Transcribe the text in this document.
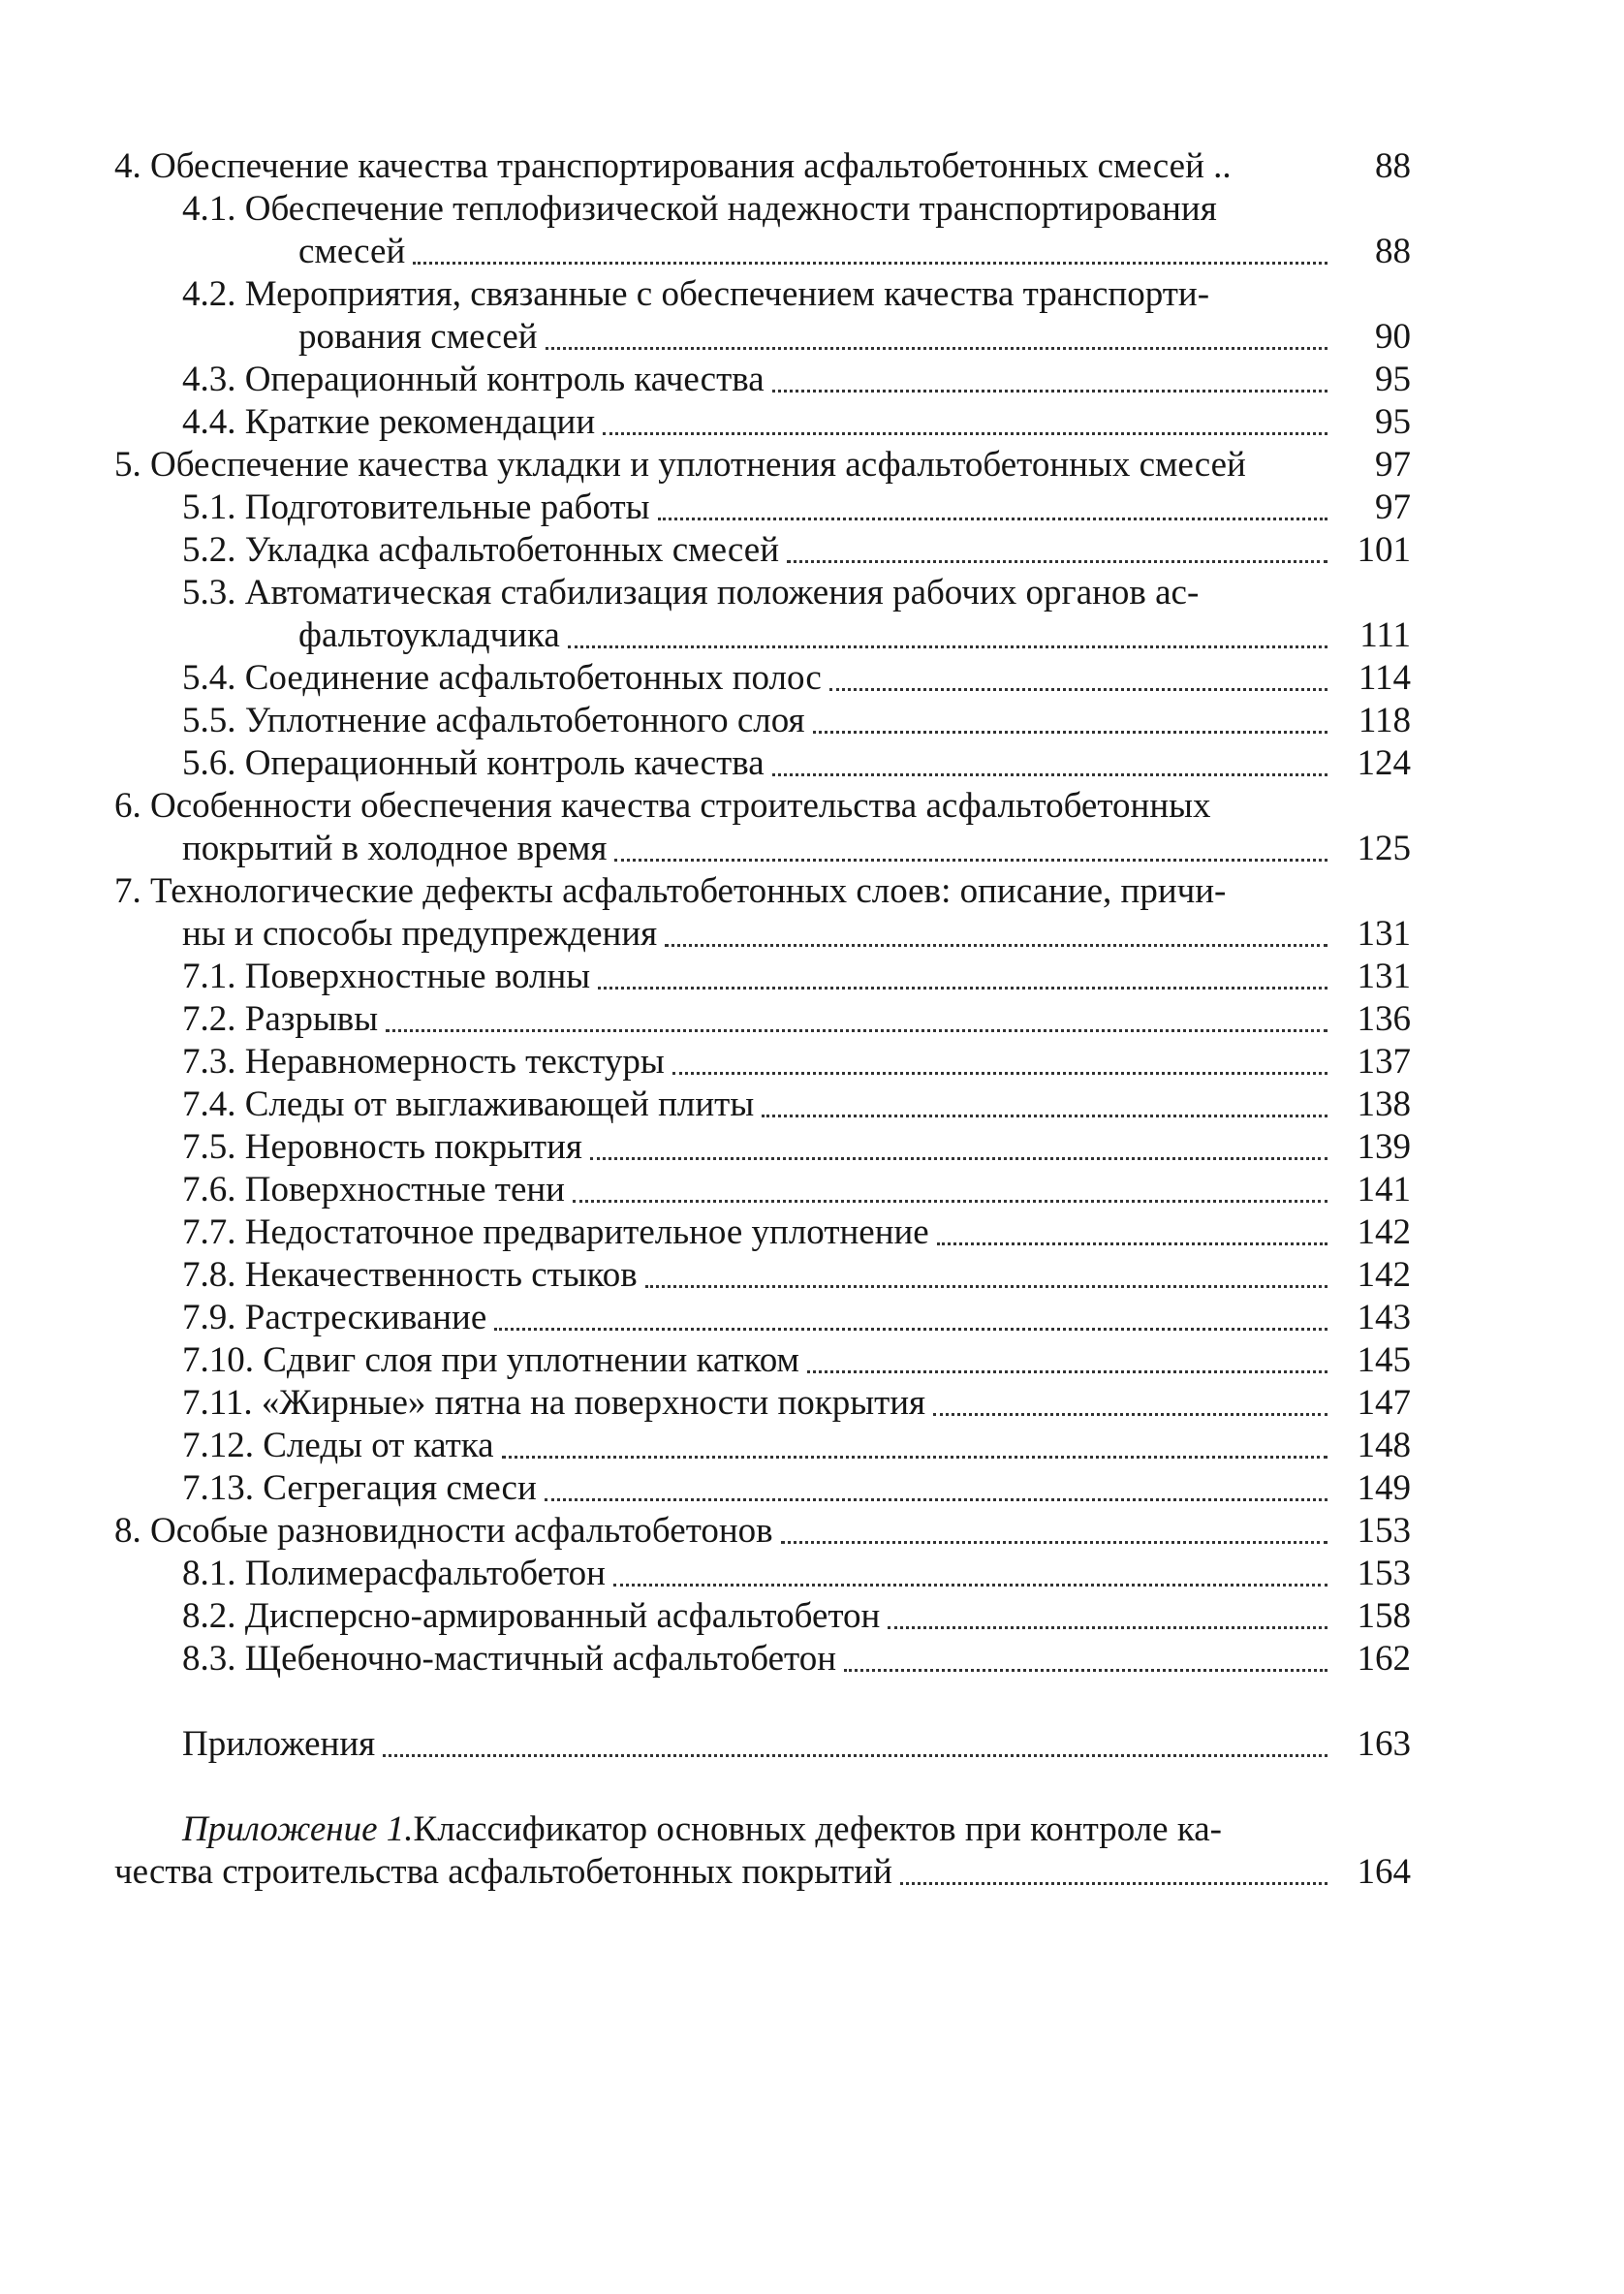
4. Обеспечение качества транспортирования асфальтобетонных смесей ..	88
4.1. Обеспечение теплофизической надежности транспортирования
смесей	88
4.2. Мероприятия, связанные с обеспечением качества транспорти-
рования смесей	90
4.3. Операционный контроль качества	95
4.4. Краткие рекомендации	95
5. Обеспечение качества укладки и уплотнения асфальтобетонных смесей	97
5.1. Подготовительные работы	97
5.2. Укладка асфальтобетонных смесей	101
5.3. Автоматическая стабилизация положения рабочих органов ас-
фальтоукладчика	111
5.4. Соединение асфальтобетонных полос	114
5.5. Уплотнение асфальтобетонного слоя	118
5.6. Операционный контроль качества	124
6. Особенности обеспечения качества строительства асфальтобетонных
покрытий в холодное время	125
7. Технологические дефекты асфальтобетонных слоев: описание, причи-
ны и способы предупреждения	131
7.1. Поверхностные волны	131
7.2. Разрывы	136
7.3. Неравномерность текстуры	137
7.4. Следы от выглаживающей плиты	138
7.5. Неровность покрытия	139
7.6. Поверхностные тени	141
7.7. Недостаточное предварительное уплотнение	142
7.8. Некачественность стыков	142
7.9. Растрескивание	143
7.10. Сдвиг слоя при уплотнении катком	145
7.11. «Жирные» пятна на поверхности покрытия	147
7.12. Следы от катка	148
7.13. Сегрегация смеси	149
8. Особые разновидности асфальтобетонов	153
8.1. Полимерасфальтобетон	153
8.2. Дисперсно-армированный асфальтобетон	158
8.3. Щебеночно-мастичный асфальтобетон	162
Приложения	163
Приложение 1. Классификатор основных дефектов при контроле ка-
чества строительства асфальтобетонных покрытий	164
